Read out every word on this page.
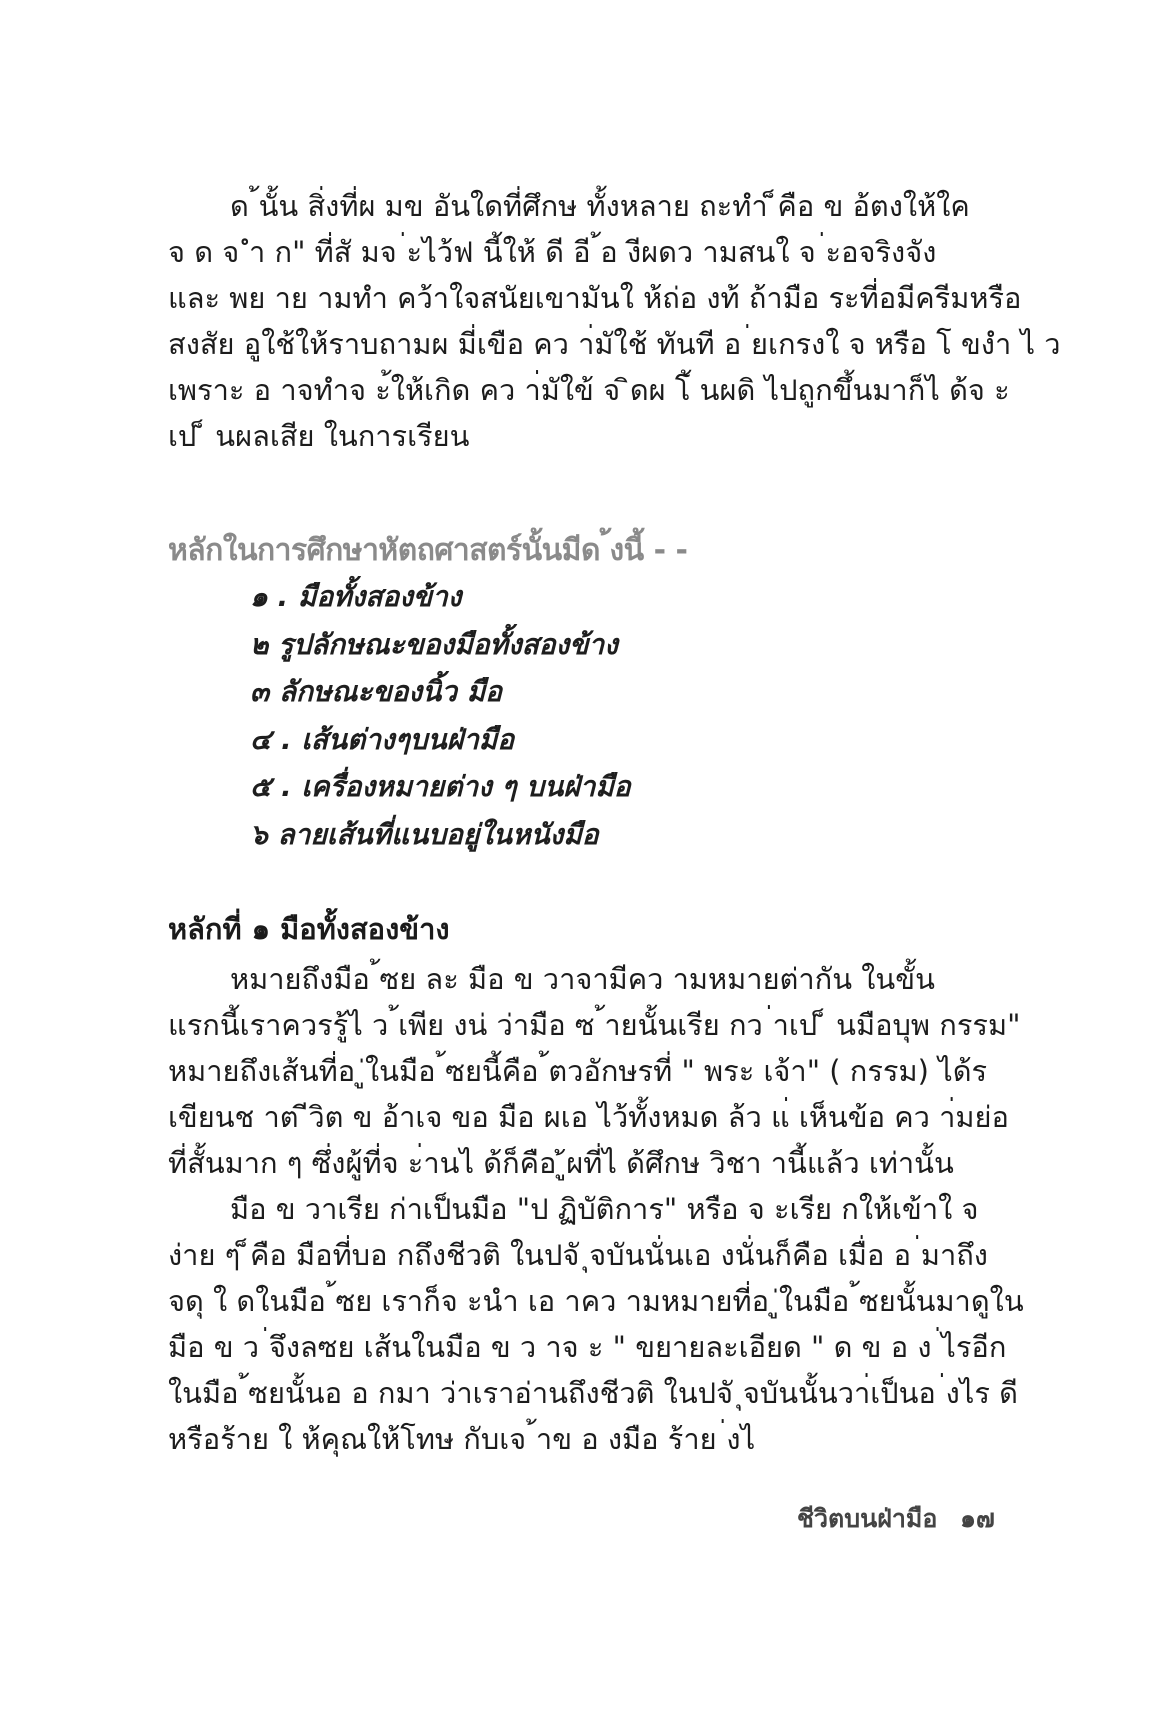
ด ้นั้น สิ่งที่ผ มข อันใดที่ศึกษ ทั้งหลาย ถะทำ ็คือ ข อ้ตงให้ใค
จ ด จ ำ ก" ที่สั มจ ่ะไว้ฟ นี้ให้ ดี อี ้อ งีผดว ามสนใ จ ่ะอจริงจัง
และ พย าย ามทำ คว้าใจสนัยเขามันใ ห้ถ่อ งท้ ถ้ามือ ระที่อมีครีมหรือ
สงสัย อูใช้ให้ราบถามผ มี่เขือ คว า่มัใช้ ทันที อ ่ยเกรงใ จ หรือ โ ขงำ ไ ว
เพราะ อ าจทำจ ะ้ให้เกิด คว า่มัใข้ จ ิดผ โ้ นผดิ ไปถูกขึ้นมาก็ไ ด้จ ะ
เป ็ นผลเสีย ในการเรียน
หลักในการศึกษาหัตถศาสตร์นั้นมีด ้งนี้ - -
๑ . มือทั้งสองข้าง
๒ รูปลักษณะของมือทั้งสองข้าง
๓ ลักษณะของนิ้ว มือ
๔ . เส้นต่างๆบนฝ่ามือ
๕ . เครื่องหมายต่าง ๆ บนฝ่ามือ
๖ ลายเส้นที่แนบอยู่ในหนังมือ
หลักที่ ๑ มือทั้งสองข้าง
หมายถึงมือ ้ซย ละ มือ ข วาจามีคว ามหมายต่ากัน ในขั้น
แรกนี้เราควรรู้ไ ว ้เพีย งน่ ว่ามือ ซ ้ายนั้นเรีย กว ่าเป ็ นมือบุพ กรรม"
หมายถึงเส้นที่อ ู่ในมือ ้ซยนี้คือ ้ตวอักษรที่ " พระ เจ้า" ( กรรม) ได้ร
เขียนช าต ีวิต ข อ้าเจ ขอ มือ ผเอ ไว้ทั้งหมด ล้ว แ่ เห็นข้อ คว า่มย่อ
ที่สั้นมาก ๆ ซึ่งผู้ที่จ ะ่านไ ด้ก็คือ ู้ผที่ไ ด้ศึกษ วิชา านี้แล้ว เท่านั้น
มือ ข วาเรีย ก่าเป็นมือ "ป ฏิบัติการ" หรือ จ ะเรีย กให้เข้าใ จ
ง่าย ๆ ็คือ มือที่บอ กถึงชีวติ ในปจั ุจบันนั่นเอ งนั่นก็คือ เมื่อ อ ่มาถึง
จดุ ใ ดในมือ ้ซย เราก็จ ะนำ เอ าคว ามหมายที่อ ู่ในมือ ้ซยนั้นมาดูใน
มือ ข ว ่จึงลซย เส้นในมือ ข ว าจ ะ " ขยายละเอียด " ด ข อ ง ่ไรอีก
ในมือ ้ซยนั้นอ อ กมา ว่าเราอ่านถึงชีวติ ในปจั ุจบันนั้นวา่เป็นอ ่งไร ดี
หรือร้าย ใ ห้คุณให้โทษ กับเจ ้าข อ งมือ ร้าย ่งไ
ชีวิตบนฝ่ามือ ๑๗
